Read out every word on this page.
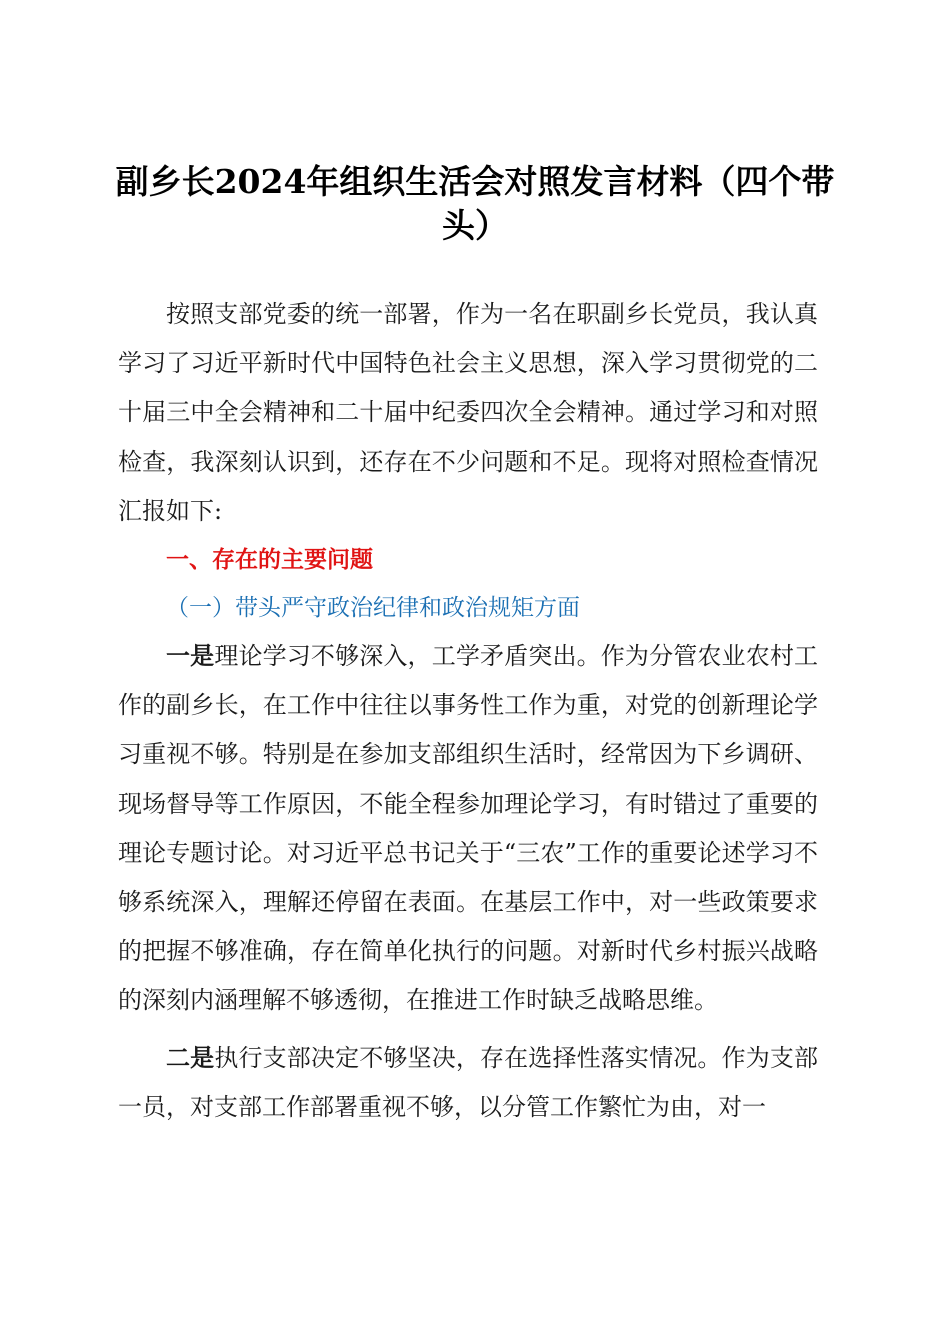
副乡长2024年组织生活会对照发言材料（四个带头）

按照支部党委的统一部署，作为一名在职副乡长党员，我认真学习了习近平新时代中国特色社会主义思想，深入学习贯彻党的二十届三中全会精神和二十届中纪委四次全会精神。通过学习和对照检查，我深刻认识到，还存在不少问题和不足。现将对照检查情况汇报如下:

一、存在的主要问题

（一）带头严守政治纪律和政治规矩方面

一是理论学习不够深入，工学矛盾突出。作为分管农业农村工作的副乡长，在工作中往往以事务性工作为重，对党的创新理论学习重视不够。特别是在参加支部组织生活时，经常因为下乡调研、现场督导等工作原因，不能全程参加理论学习，有时错过了重要的理论专题讨论。对习近平总书记关于“三农”工作的重要论述学习不够系统深入，理解还停留在表面。在基层工作中，对一些政策要求的把握不够准确，存在简单化执行的问题。对新时代乡村振兴战略的深刻内涵理解不够透彻，在推进工作时缺乏战略思维。

二是执行支部决定不够坚决，存在选择性落实情况。作为支部一员，对支部工作部署重视不够，以分管工作繁忙为由，对一
